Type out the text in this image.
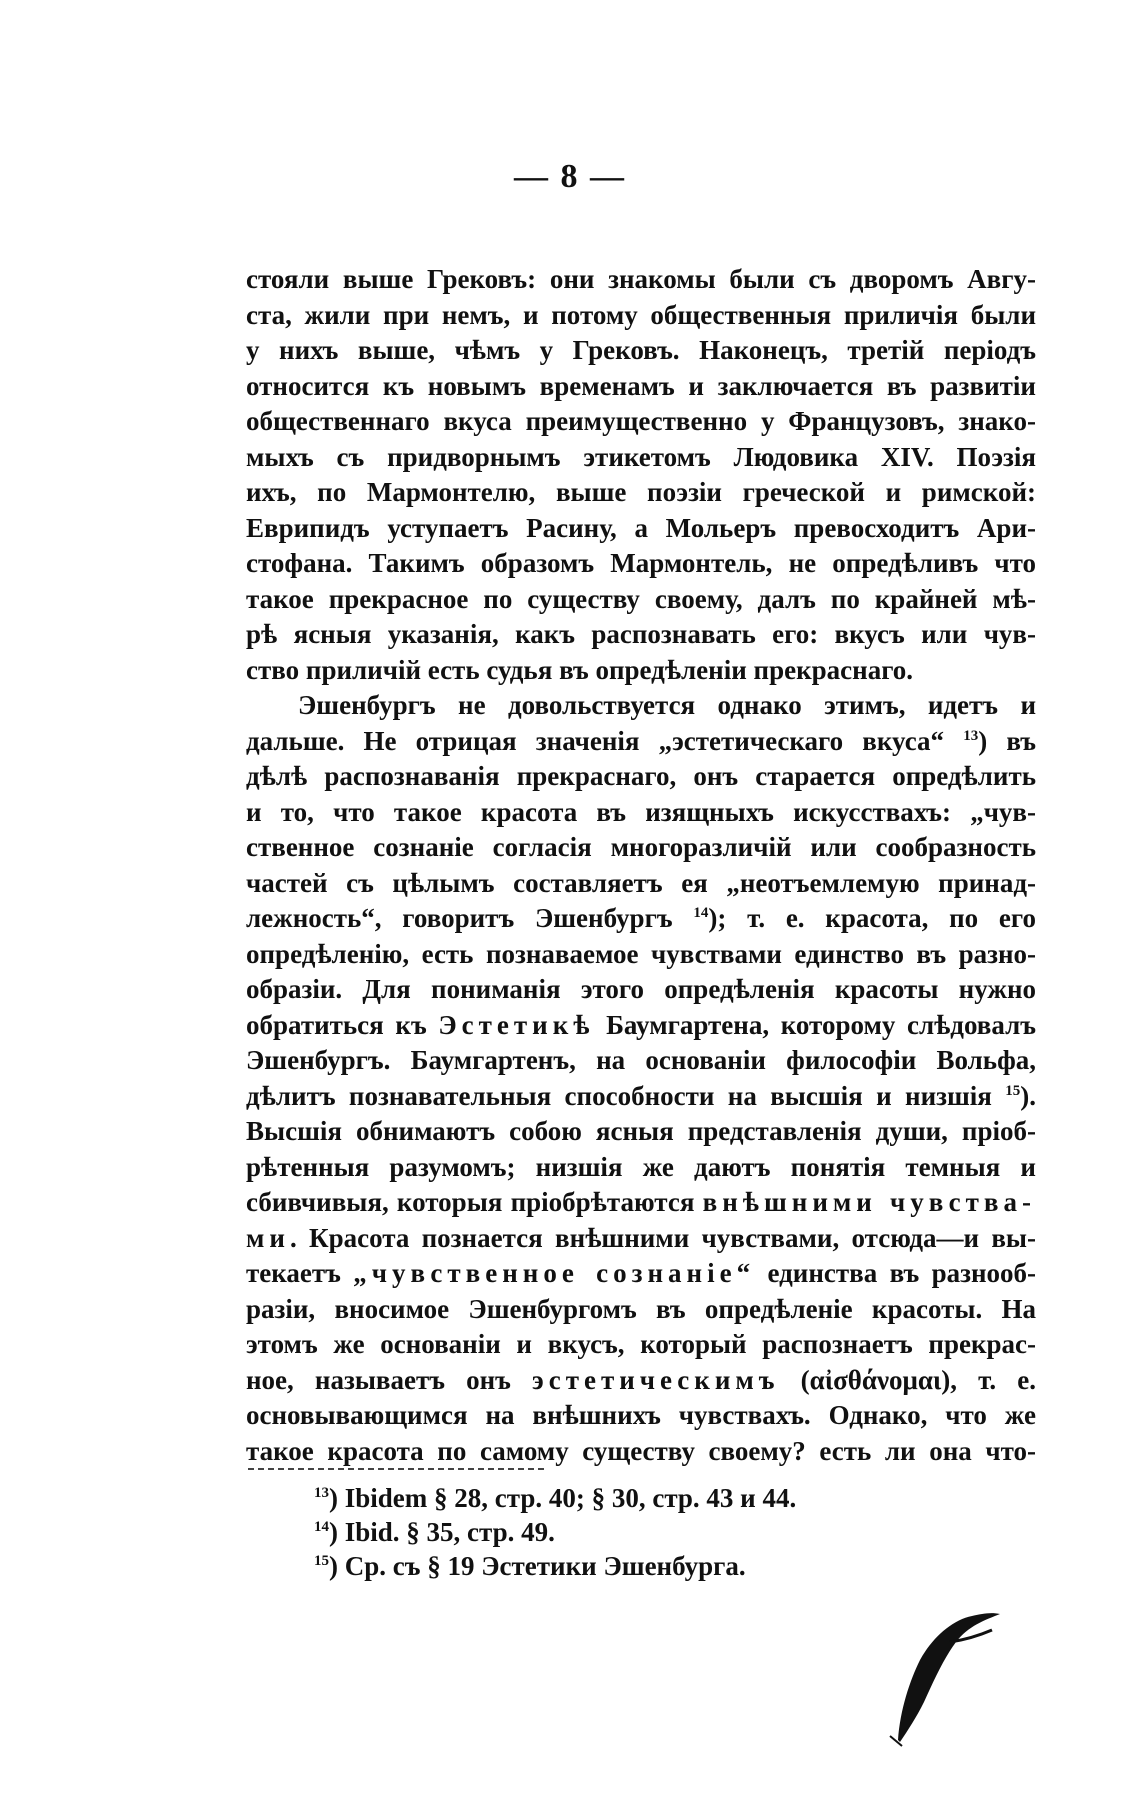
— 8 —
стояли выше Грековъ: они знакомы были съ дворомъ Авгу-
ста, жили при немъ, и потому общественныя приличія были
у нихъ выше, чѣмъ у Грековъ. Наконецъ, третій періодъ
относится къ новымъ временамъ и заключается въ развитіи
общественнаго вкуса преимущественно у Французовъ, знако-
мыхъ съ придворнымъ этикетомъ Людовика XIV. Поэзія
ихъ, по Мармонтелю, выше поэзіи греческой и римской:
Еврипидъ уступаетъ Расину, а Мольеръ превосходитъ Ари-
стофана. Такимъ образомъ Мармонтель, не опредѣливъ что
такое прекрасное по существу своему, далъ по крайней мѣ-
рѣ ясныя указанія, какъ распознавать его: вкусъ или чув-
ство приличій есть судья въ опредѣленіи прекраснаго.
Эшенбургъ не довольствуется однако этимъ, идетъ и
дальше. Не отрицая значенія „эстетическаго вкуса“ $^{13}$) въ
дѣлѣ распознаванія прекраснаго, онъ старается опредѣлить
и то, что такое красота въ изящныхъ искусствахъ: „чув-
ственное сознаніе согласія многоразличій или сообразность
частей съ цѣлымъ составляетъ ея „неотъемлемую принад-
лежность“, говоритъ Эшенбургъ $^{14}$); т. е. красота, по его
опредѣленію, есть познаваемое чувствами единство въ разно-
образіи. Для пониманія этого опредѣленія красоты нужно
обратиться къ Эстетикѣ Баумгартена, которому слѣдовалъ
Эшенбургъ. Баумгартенъ, на основаніи философіи Вольфа,
дѣлитъ познавательныя способности на высшія и низшія $^{15}$).
Высшія обнимаютъ собою ясныя представленія души, пріоб-
рѣтенныя разумомъ; низшія же даютъ понятія темныя и
сбивчивыя, которыя пріобрѣтаются внѣшними чувства-
ми. Красота познается внѣшними чувствами, отсюда—и вы-
текаетъ „чувственное сознаніе“ единства въ разнооб-
разіи, вносимое Эшенбургомъ въ опредѣленіе красоты. На
этомъ же основаніи и вкусъ, который распознаетъ прекрас-
ное, называетъ онъ эстетическимъ (αἰσθάνομαι), т. е.
основывающимся на внѣшнихъ чувствахъ. Однако, что же
такое красота по самому существу своему? есть ли она что-
$^{13}$) Ibidem § 28, стр. 40; § 30, стр. 43 и 44.
$^{14}$) Ibid. § 35, стр. 49.
$^{15}$) Ср. съ § 19 Эстетики Эшенбурга.
